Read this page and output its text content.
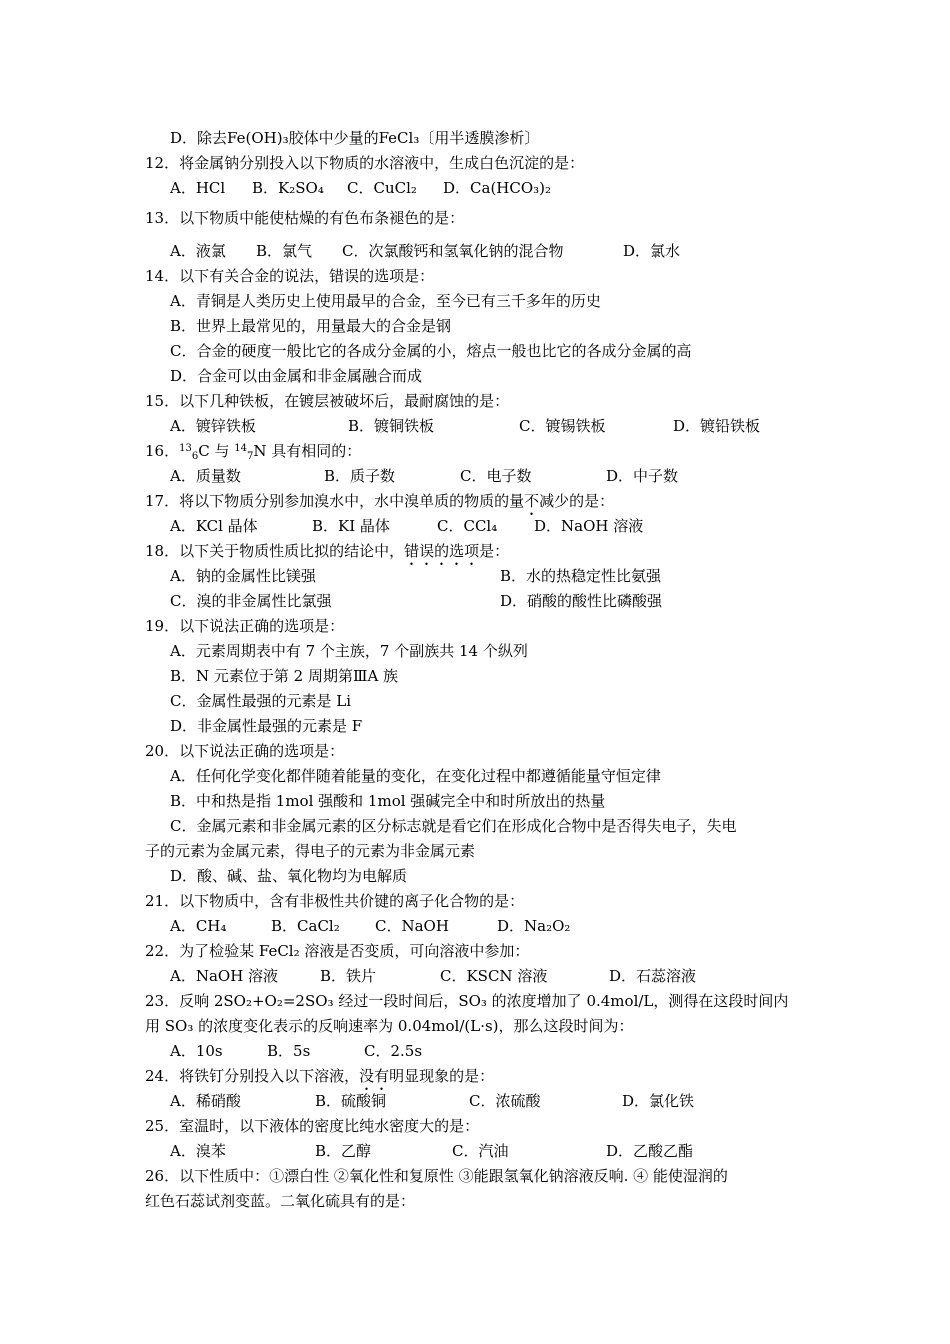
D．除去Fe(OH)₃胶体中少量的FeCl₃〔用半透膜渗析〕
12．将金属钠分别投入以下物质的水溶液中，生成白色沉淀的是：
A．HCl B．K₂SO₄ C．CuCl₂ D．Ca(HCO₃)₂
13．以下物质中能使枯燥的有色布条褪色的是：
A．液氯 B．氯气 C．次氯酸钙和氢氧化钠的混合物	D．氯水
14．以下有关合金的说法，错误的选项是：
A．青铜是人类历史上使用最早的合金，至今已有三千多年的历史
B．世界上最常见的，用量最大的合金是钢
C．合金的硬度一般比它的各成分金属的小，熔点一般也比它的各成分金属的高
D．合金可以由金属和非金属融合而成
15．以下几种铁板，在镀层被破坏后，最耐腐蚀的是：
A．镀锌铁板	B．镀铜铁板	C．镀锡铁板	D．镀铅铁板
16．$^{13}_6$C 与 $^{14}_7$N 具有相同的：
A．质量数	B．质子数	C．电子数	D．中子数
17．将以下物质分别参加溴水中，水中溴单质的物质的量不减少的是：
A．KCl 晶体	B．KI 晶体	C．CCl₄ D．NaOH 溶液
18．以下关于物质性质比拟的结论中，错误的选项是：
A．钠的金属性比镁强	B．水的热稳定性比氨强
C．溴的非金属性比氯强	D．硝酸的酸性比磷酸强
19．以下说法正确的选项是：
A．元素周期表中有 7 个主族，7 个副族共 14 个纵列
B．N 元素位于第 2 周期第ⅢA 族
C．金属性最强的元素是 Li
D．非金属性最强的元素是 F
20．以下说法正确的选项是：
A．任何化学变化都伴随着能量的变化，在变化过程中都遵循能量守恒定律
B．中和热是指 1mol 强酸和 1mol 强碱完全中和时所放出的热量
C．金属元素和非金属元素的区分标志就是看它们在形成化合物中是否得失电子，失电
子的元素为金属元素，得电子的元素为非金属元素
D．酸、碱、盐、氧化物均为电解质
21．以下物质中，含有非极性共价键的离子化合物的是：
A．CH₄	B．CaCl₂ C．NaOH	D．Na₂O₂
22．为了检验某 FeCl₂ 溶液是否变质，可向溶液中参加：
A．NaOH 溶液	B．铁片	C．KSCN 溶液	D．石蕊溶液
23．反响 2SO₂+O₂=2SO₃ 经过一段时间后，SO₃ 的浓度增加了 0.4mol/L，测得在这段时间内
用 SO₃ 的浓度变化表示的反响速率为 0.04mol/(L·s)，那么这段时间为：
A．10s	B．5s	C．2.5s
24．将铁钉分别投入以下溶液，没有明显现象的是：
A．稀硝酸	B．硫酸铜	C．浓硫酸	D．氯化铁
25．室温时，以下液体的密度比纯水密度大的是：
A．溴苯	B．乙醇	C．汽油	D．乙酸乙酯
26．以下性质中：①漂白性 ②氧化性和复原性 ③能跟氢氧化钠溶液反响. ④ 能使湿润的
红色石蕊试剂变蓝。二氧化硫具有的是：
